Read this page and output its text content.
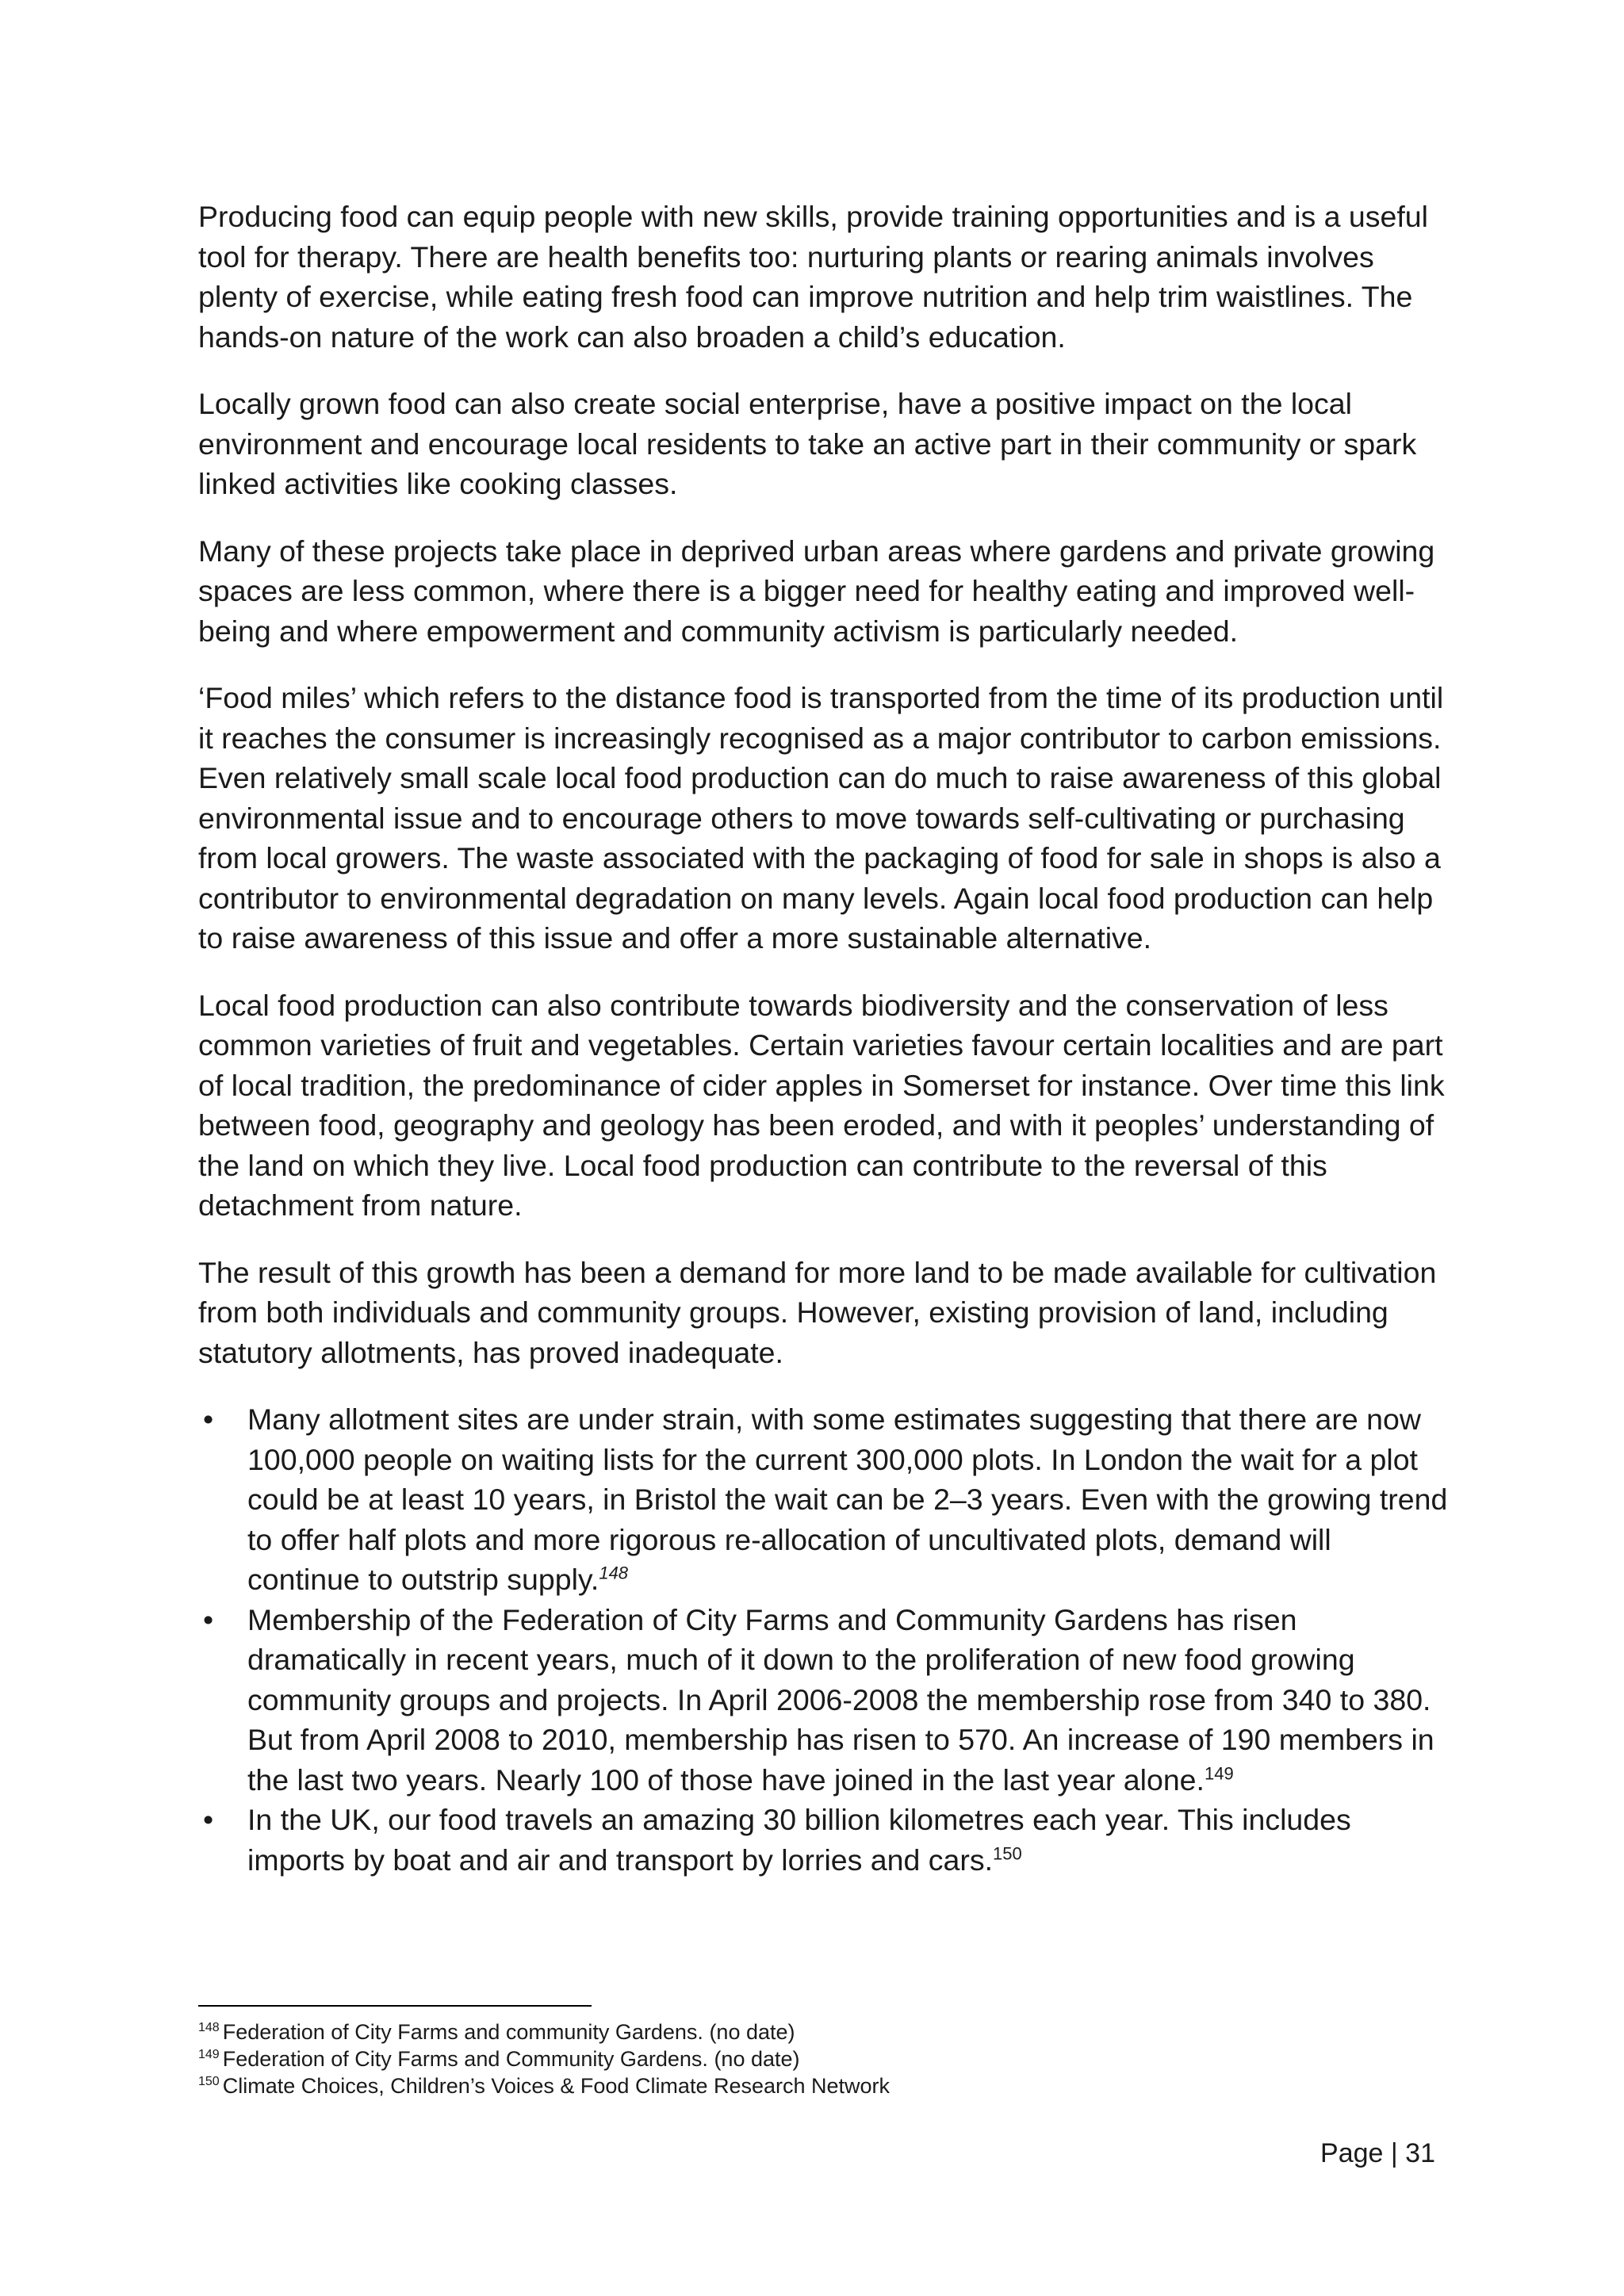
Producing food can equip people with new skills, provide training opportunities and is a useful tool for therapy. There are health benefits too: nurturing plants or rearing animals involves plenty of exercise, while eating fresh food can improve nutrition and help trim waistlines. The hands-on nature of the work can also broaden a child’s education.

Locally grown food can also create social enterprise, have a positive impact on the local environment and encourage local residents to take an active part in their community or spark linked activities like cooking classes.

Many of these projects take place in deprived urban areas where gardens and private growing spaces are less common, where there is a bigger need for healthy eating and improved well-being and where empowerment and community activism is particularly needed.

‘Food miles’ which refers to the distance food is transported from the time of its production until it reaches the consumer is increasingly recognised as a major contributor to carbon emissions. Even relatively small scale local food production can do much to raise awareness of this global environmental issue and to encourage others to move towards self-cultivating or purchasing from local growers. The waste associated with the packaging of food for sale in shops is also a contributor to environmental degradation on many levels. Again local food production can help to raise awareness of this issue and offer a more sustainable alternative.

Local food production can also contribute towards biodiversity and the conservation of less common varieties of fruit and vegetables. Certain varieties favour certain localities and are part of local tradition, the predominance of cider apples in Somerset for instance. Over time this link between food, geography and geology has been eroded, and with it peoples’ understanding of the land on which they live. Local food production can contribute to the reversal of this detachment from nature.

The result of this growth has been a demand for more land to be made available for cultivation from both individuals and community groups. However, existing provision of land, including statutory allotments, has proved inadequate.

• Many allotment sites are under strain, with some estimates suggesting that there are now 100,000 people on waiting lists for the current 300,000 plots. In London the wait for a plot could be at least 10 years, in Bristol the wait can be 2–3 years. Even with the growing trend to offer half plots and more rigorous re-allocation of uncultivated plots, demand will continue to outstrip supply.$^{148}$
• Membership of the Federation of City Farms and Community Gardens has risen dramatically in recent years, much of it down to the proliferation of new food growing community groups and projects. In April 2006-2008 the membership rose from 340 to 380. But from April 2008 to 2010, membership has risen to 570. An increase of 190 members in the last two years. Nearly 100 of those have joined in the last year alone.$^{149}$
• In the UK, our food travels an amazing 30 billion kilometres each year. This includes imports by boat and air and transport by lorries and cars.$^{150}$
$^{148}$ Federation of City Farms and community Gardens. (no date)
$^{149}$ Federation of City Farms and Community Gardens. (no date)
$^{150}$ Climate Choices, Children’s Voices & Food Climate Research Network
Page | 31
